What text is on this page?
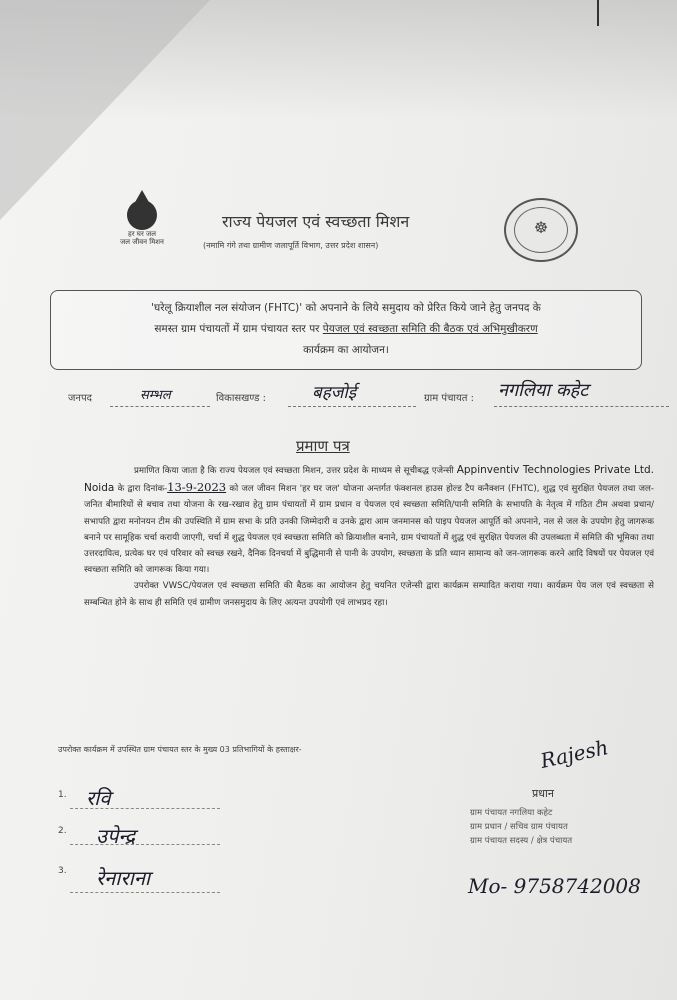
हर घर जल
जल जीवन मिशन
राज्य पेयजल एवं स्वच्छता मिशन
(नमामि गंगे तथा ग्रामीण जलापूर्ति विभाग, उत्तर प्रदेश शासन)
☸
'घरेलू क्रियाशील नल संयोजन (FHTC)' को अपनाने के लिये समुदाय को प्रेरित किये जाने हेतु जनपद के
समस्त ग्राम पंचायतों में ग्राम पंचायत स्तर पर पेयजल एवं स्वच्छता समिति की बैठक एवं अभिमुखीकरण
कार्यक्रम का आयोजन।
जनपद	सम्भल	विकासखण्ड :	बहजोई	ग्राम पंचायत : नगलिया कहेट
प्रमाण पत्र

प्रमाणित किया जाता है कि राज्य पेयजल एवं स्वच्छता मिशन, उत्तर प्रदेश के माध्यम से सूचीबद्ध एजेन्सी Appinventiv Technologies Private Ltd. Noida के द्वारा दिनांक-13-9-2023 को जल जीवन मिशन 'हर घर जल' योजना अन्तर्गत फंक्शनल हाउस होल्ड टैप कनैक्शन (FHTC), शुद्ध एवं सुरक्षित पेयजल तथा जल-जनित बीमारियों से बचाव तथा योजना के रख-रखाव हेतु ग्राम पंचायतों में ग्राम प्रधान व पेयजल एवं स्वच्छता समिति/पानी समिति के सभापति के नेतृत्व में गठित टीम अथवा प्रधान/सभापति द्वारा मनोनयन टीम की उपस्थिति में ग्राम सभा के प्रति उनकी जिम्मेदारी व उनके द्वारा आम जनमानस को पाइप पेयजल आपूर्ति को अपनाने, नल से जल के उपयोग हेतु जागरूक बनाने पर सामूहिक चर्चा करायी जाएगी, चर्चा में शुद्ध पेयजल एवं स्वच्छता समिति को क्रियाशील बनाने, ग्राम पंचायतों में शुद्ध एवं सुरक्षित पेयजल की उपलब्धता में समिति की भूमिका तथा उत्तरदायित्व, प्रत्येक घर एवं परिवार को स्वच्छ रखने, दैनिक दिनचर्या में बुद्धिमानी से पानी के उपयोग, स्वच्छता के प्रति ध्यान सामान्य को जन-जागरूक करने आदि विषयों पर पेयजल एवं स्वच्छता समिति को जागरूक किया गया।

उपरोक्त VWSC/पेयजल एवं स्वच्छता समिति की बैठक का आयोजन हेतु चयनित एजेन्सी द्वारा कार्यक्रम सम्पादित कराया गया। कार्यक्रम पेय जल एवं स्वच्छता से सम्बन्धित होने के साथ ही समिति एवं ग्रामीण जनसमुदाय के लिए अत्यन्त उपयोगी एवं लाभप्रद रहा।

उपरोक्त कार्यक्रम में उपस्थित ग्राम पंचायत स्तर के मुख्य 03 प्रतिभागियों के हस्ताक्षर-
1. रवि
2. उपेन्द्र
3. रेनाराना
Rajesh
प्रधान
ग्राम पंचायत नगलिया कहेट
ग्राम प्रधान / सचिव ग्राम पंचायत
ग्राम पंचायत सदस्य / क्षेत्र पंचायत
Mo- 9758742008
